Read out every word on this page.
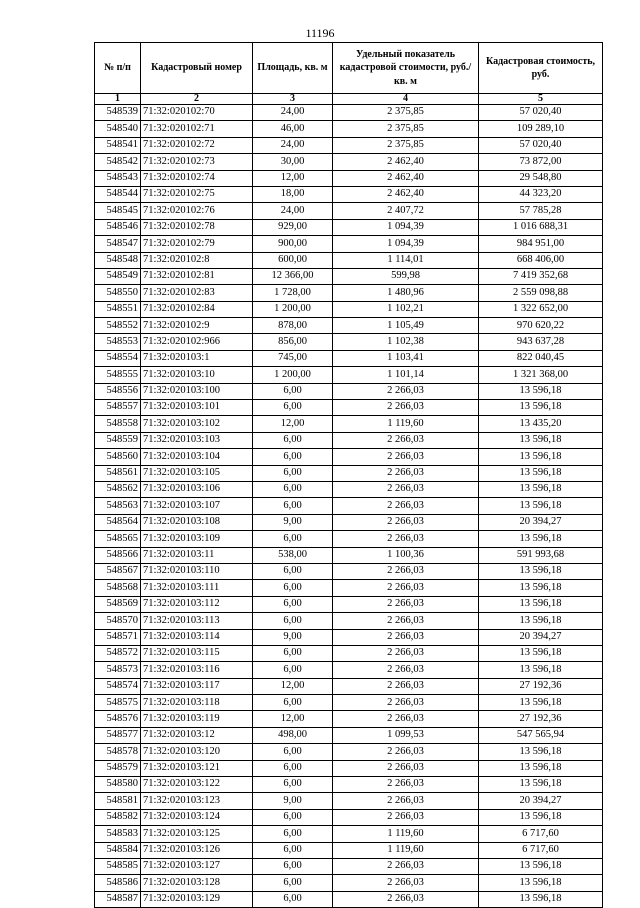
11196
№ п/п	Кадастровый номер	Площадь, кв. м	Удельный показатель кадастровой стоимости, руб./кв. м	Кадастровая стоимость, руб.
1	2	3	4	5
548539	71:32:020102:70	24,00	2 375,85	57 020,40
548540	71:32:020102:71	46,00	2 375,85	109 289,10
548541	71:32:020102:72	24,00	2 375,85	57 020,40
548542	71:32:020102:73	30,00	2 462,40	73 872,00
548543	71:32:020102:74	12,00	2 462,40	29 548,80
548544	71:32:020102:75	18,00	2 462,40	44 323,20
548545	71:32:020102:76	24,00	2 407,72	57 785,28
548546	71:32:020102:78	929,00	1 094,39	1 016 688,31
548547	71:32:020102:79	900,00	1 094,39	984 951,00
548548	71:32:020102:8	600,00	1 114,01	668 406,00
548549	71:32:020102:81	12 366,00	599,98	7 419 352,68
548550	71:32:020102:83	1 728,00	1 480,96	2 559 098,88
548551	71:32:020102:84	1 200,00	1 102,21	1 322 652,00
548552	71:32:020102:9	878,00	1 105,49	970 620,22
548553	71:32:020102:966	856,00	1 102,38	943 637,28
548554	71:32:020103:1	745,00	1 103,41	822 040,45
548555	71:32:020103:10	1 200,00	1 101,14	1 321 368,00
548556	71:32:020103:100	6,00	2 266,03	13 596,18
548557	71:32:020103:101	6,00	2 266,03	13 596,18
548558	71:32:020103:102	12,00	1 119,60	13 435,20
548559	71:32:020103:103	6,00	2 266,03	13 596,18
548560	71:32:020103:104	6,00	2 266,03	13 596,18
548561	71:32:020103:105	6,00	2 266,03	13 596,18
548562	71:32:020103:106	6,00	2 266,03	13 596,18
548563	71:32:020103:107	6,00	2 266,03	13 596,18
548564	71:32:020103:108	9,00	2 266,03	20 394,27
548565	71:32:020103:109	6,00	2 266,03	13 596,18
548566	71:32:020103:11	538,00	1 100,36	591 993,68
548567	71:32:020103:110	6,00	2 266,03	13 596,18
548568	71:32:020103:111	6,00	2 266,03	13 596,18
548569	71:32:020103:112	6,00	2 266,03	13 596,18
548570	71:32:020103:113	6,00	2 266,03	13 596,18
548571	71:32:020103:114	9,00	2 266,03	20 394,27
548572	71:32:020103:115	6,00	2 266,03	13 596,18
548573	71:32:020103:116	6,00	2 266,03	13 596,18
548574	71:32:020103:117	12,00	2 266,03	27 192,36
548575	71:32:020103:118	6,00	2 266,03	13 596,18
548576	71:32:020103:119	12,00	2 266,03	27 192,36
548577	71:32:020103:12	498,00	1 099,53	547 565,94
548578	71:32:020103:120	6,00	2 266,03	13 596,18
548579	71:32:020103:121	6,00	2 266,03	13 596,18
548580	71:32:020103:122	6,00	2 266,03	13 596,18
548581	71:32:020103:123	9,00	2 266,03	20 394,27
548582	71:32:020103:124	6,00	2 266,03	13 596,18
548583	71:32:020103:125	6,00	1 119,60	6 717,60
548584	71:32:020103:126	6,00	1 119,60	6 717,60
548585	71:32:020103:127	6,00	2 266,03	13 596,18
548586	71:32:020103:128	6,00	2 266,03	13 596,18
548587	71:32:020103:129	6,00	2 266,03	13 596,18
